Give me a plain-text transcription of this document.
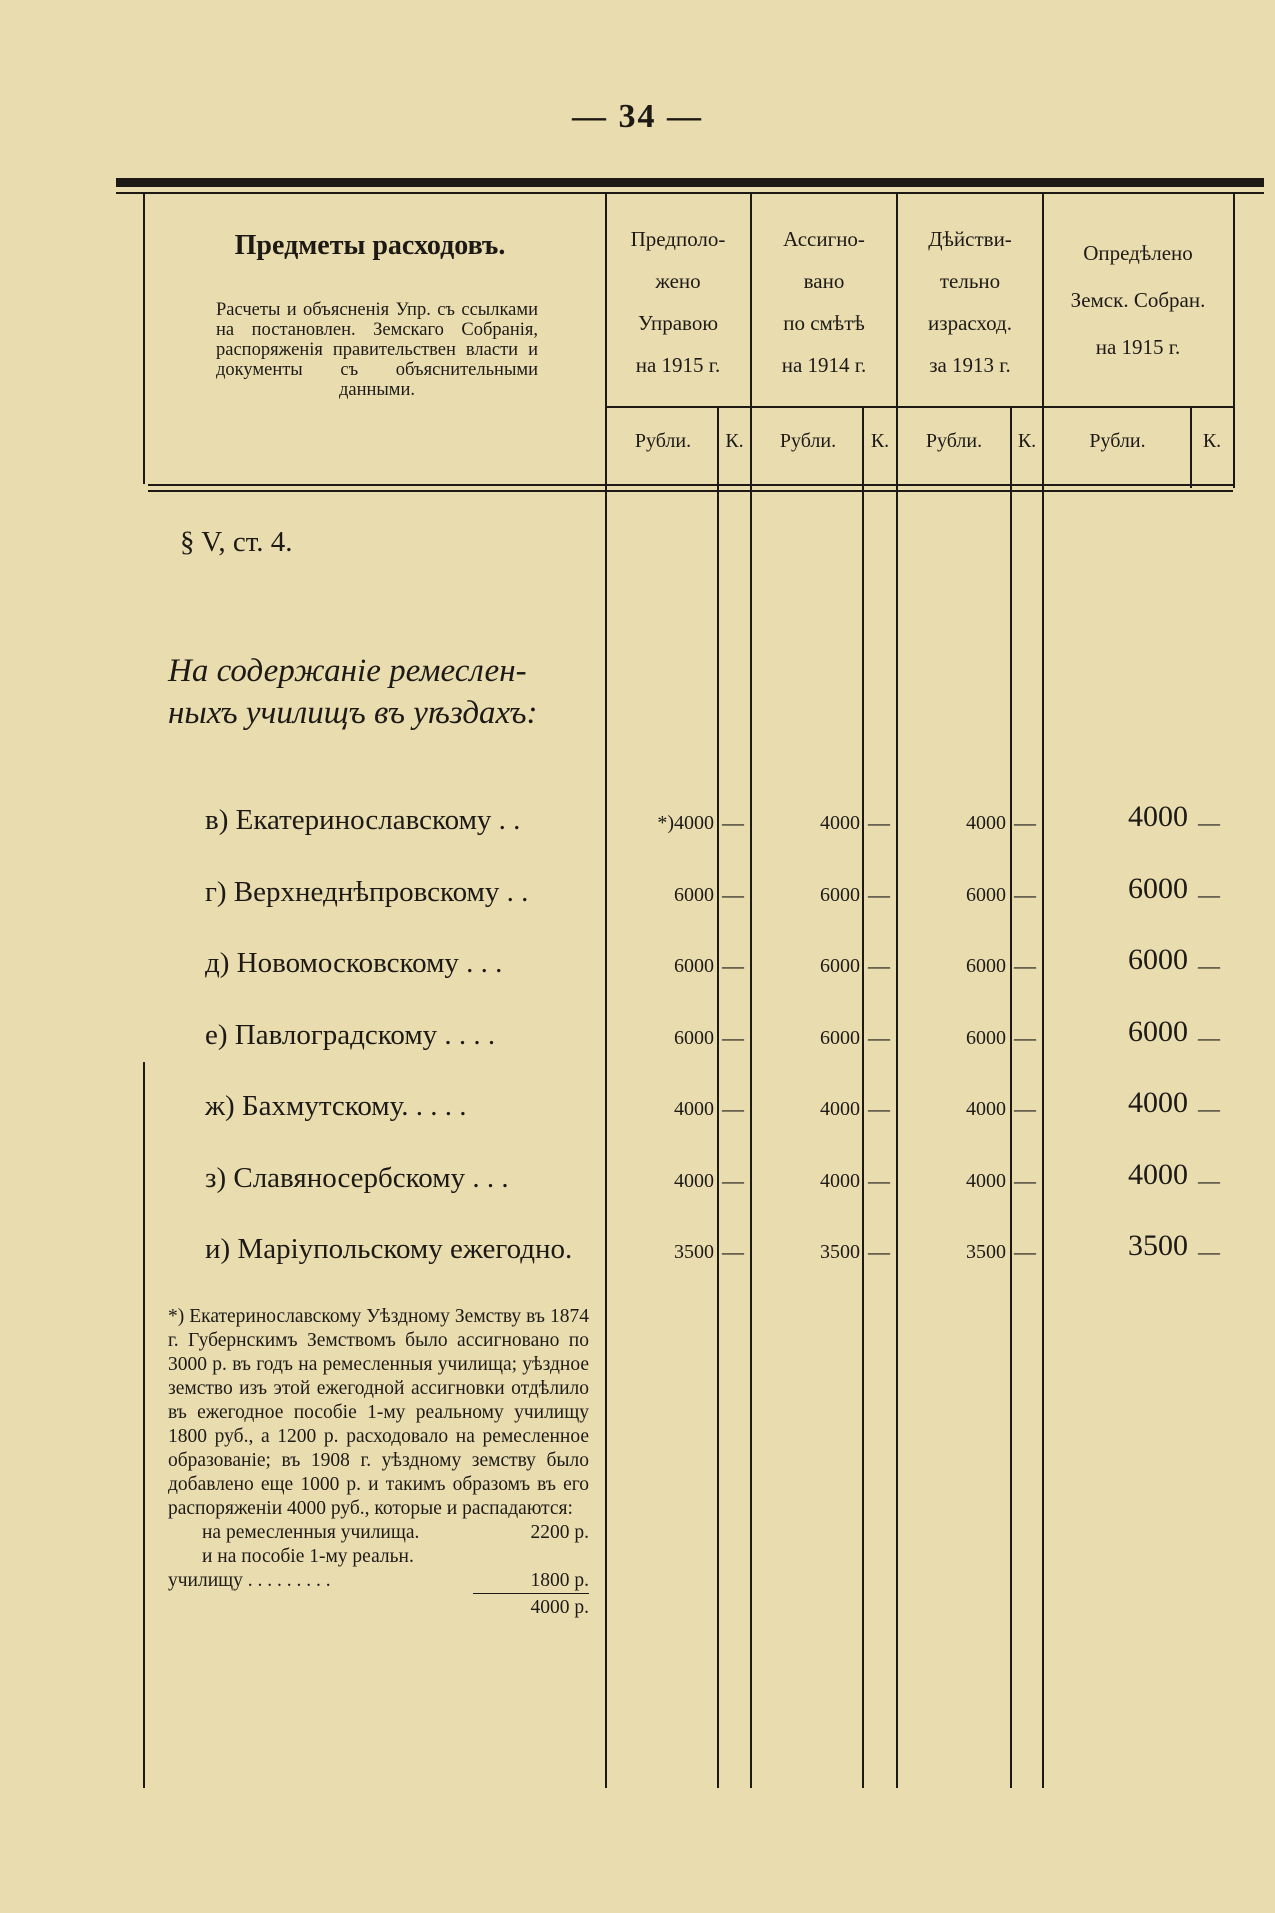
— 34 —
Предметы расходовъ.
Расчеты и объясненія Упр. съ ссылками на постановлен. Земскаго Собранія, распоряженія правительствен власти и документы съ объяснительными данными.
Предполо-
жено
Управою
на 1915 г.
Ассигно-
вано
по смѣтѣ
на 1914 г.
Дѣйстви-
тельно
израсход.
за 1913 г.
Опредѣлено
Земск. Собран.
на 1915 г.
Рубли.	К.	Рубли.	К.	Рубли.	К.	Рубли.	К.
§ V, ст. 4.
На содержаніе ремеслен-
ныхъ училищъ въ уѣздахъ:
в) Екатеринославскому . .	*)4000 —	4000 —	4000 —	4000 —
г) Верхнеднѣпровскому . .	6000 —	6000 —	6000 —	6000 —
д) Новомосковскому . . .	6000 —	6000 —	6000 —	6000 —
е) Павлоградскому . . . .	6000 —	6000 —	6000 —	6000 —
ж) Бахмутскому. . . . .	4000 —	4000 —	4000 —	4000 —
з) Славяносербскому . . .	4000 —	4000 —	4000 —	4000 —
и) Маріупольскому ежегодно.	3500 —	3500 —	3500 —	3500 —

*) Екатеринославскому Уѣздному Земству въ 1874 г. Губернскимъ Земствомъ было ассигновано по 3000 р. въ годъ на ремесленныя училища; уѣздное земство изъ этой ежегодной ассигновки отдѣлило въ ежегодное пособіе 1-му реальному училищу 1800 руб., а 1200 р. расходовало на ремесленное образованіе; въ 1908 г. уѣздному земству было добавлено еще 1000 р. и такимъ образомъ въ его распоряженіи 4000 руб., которые и распадаются:

на ремесленныя училища.	2200 р.
и на пособіе 1-му реальн.
училищу . . . . . . . . .	1800 р.
4000 р.
